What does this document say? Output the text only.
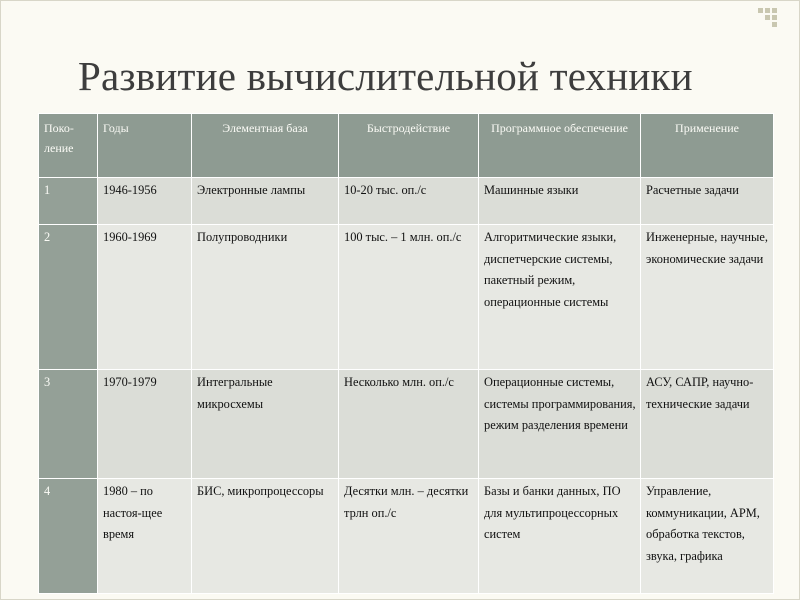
Развитие вычислительной техники
Поко-
ление	Годы	Элементная база	Быстродействие	Программное обеспечение	Применение
1	1946-1956	Электронные лампы	10-20 тыс. оп./с	Машинные языки	Расчетные задачи
2	1960-1969	Полупроводники	100 тыс. – 1 млн. оп./с	Алгоритмические языки, диспетчерские системы, пакетный режим, операционные системы	Инженерные, научные, экономические задачи
3	1970-1979	Интегральные микросхемы	Несколько млн. оп./с	Операционные системы, системы программирования, режим разделения времени	АСУ, САПР, научно-технические задачи
4	1980 – по настоя-щее время	БИС, микропроцессоры	Десятки млн. – десятки трлн оп./с	Базы и банки данных, ПО для мультипроцессорных систем	Управление, коммуникации, АРМ, обработка текстов, звука, графика
